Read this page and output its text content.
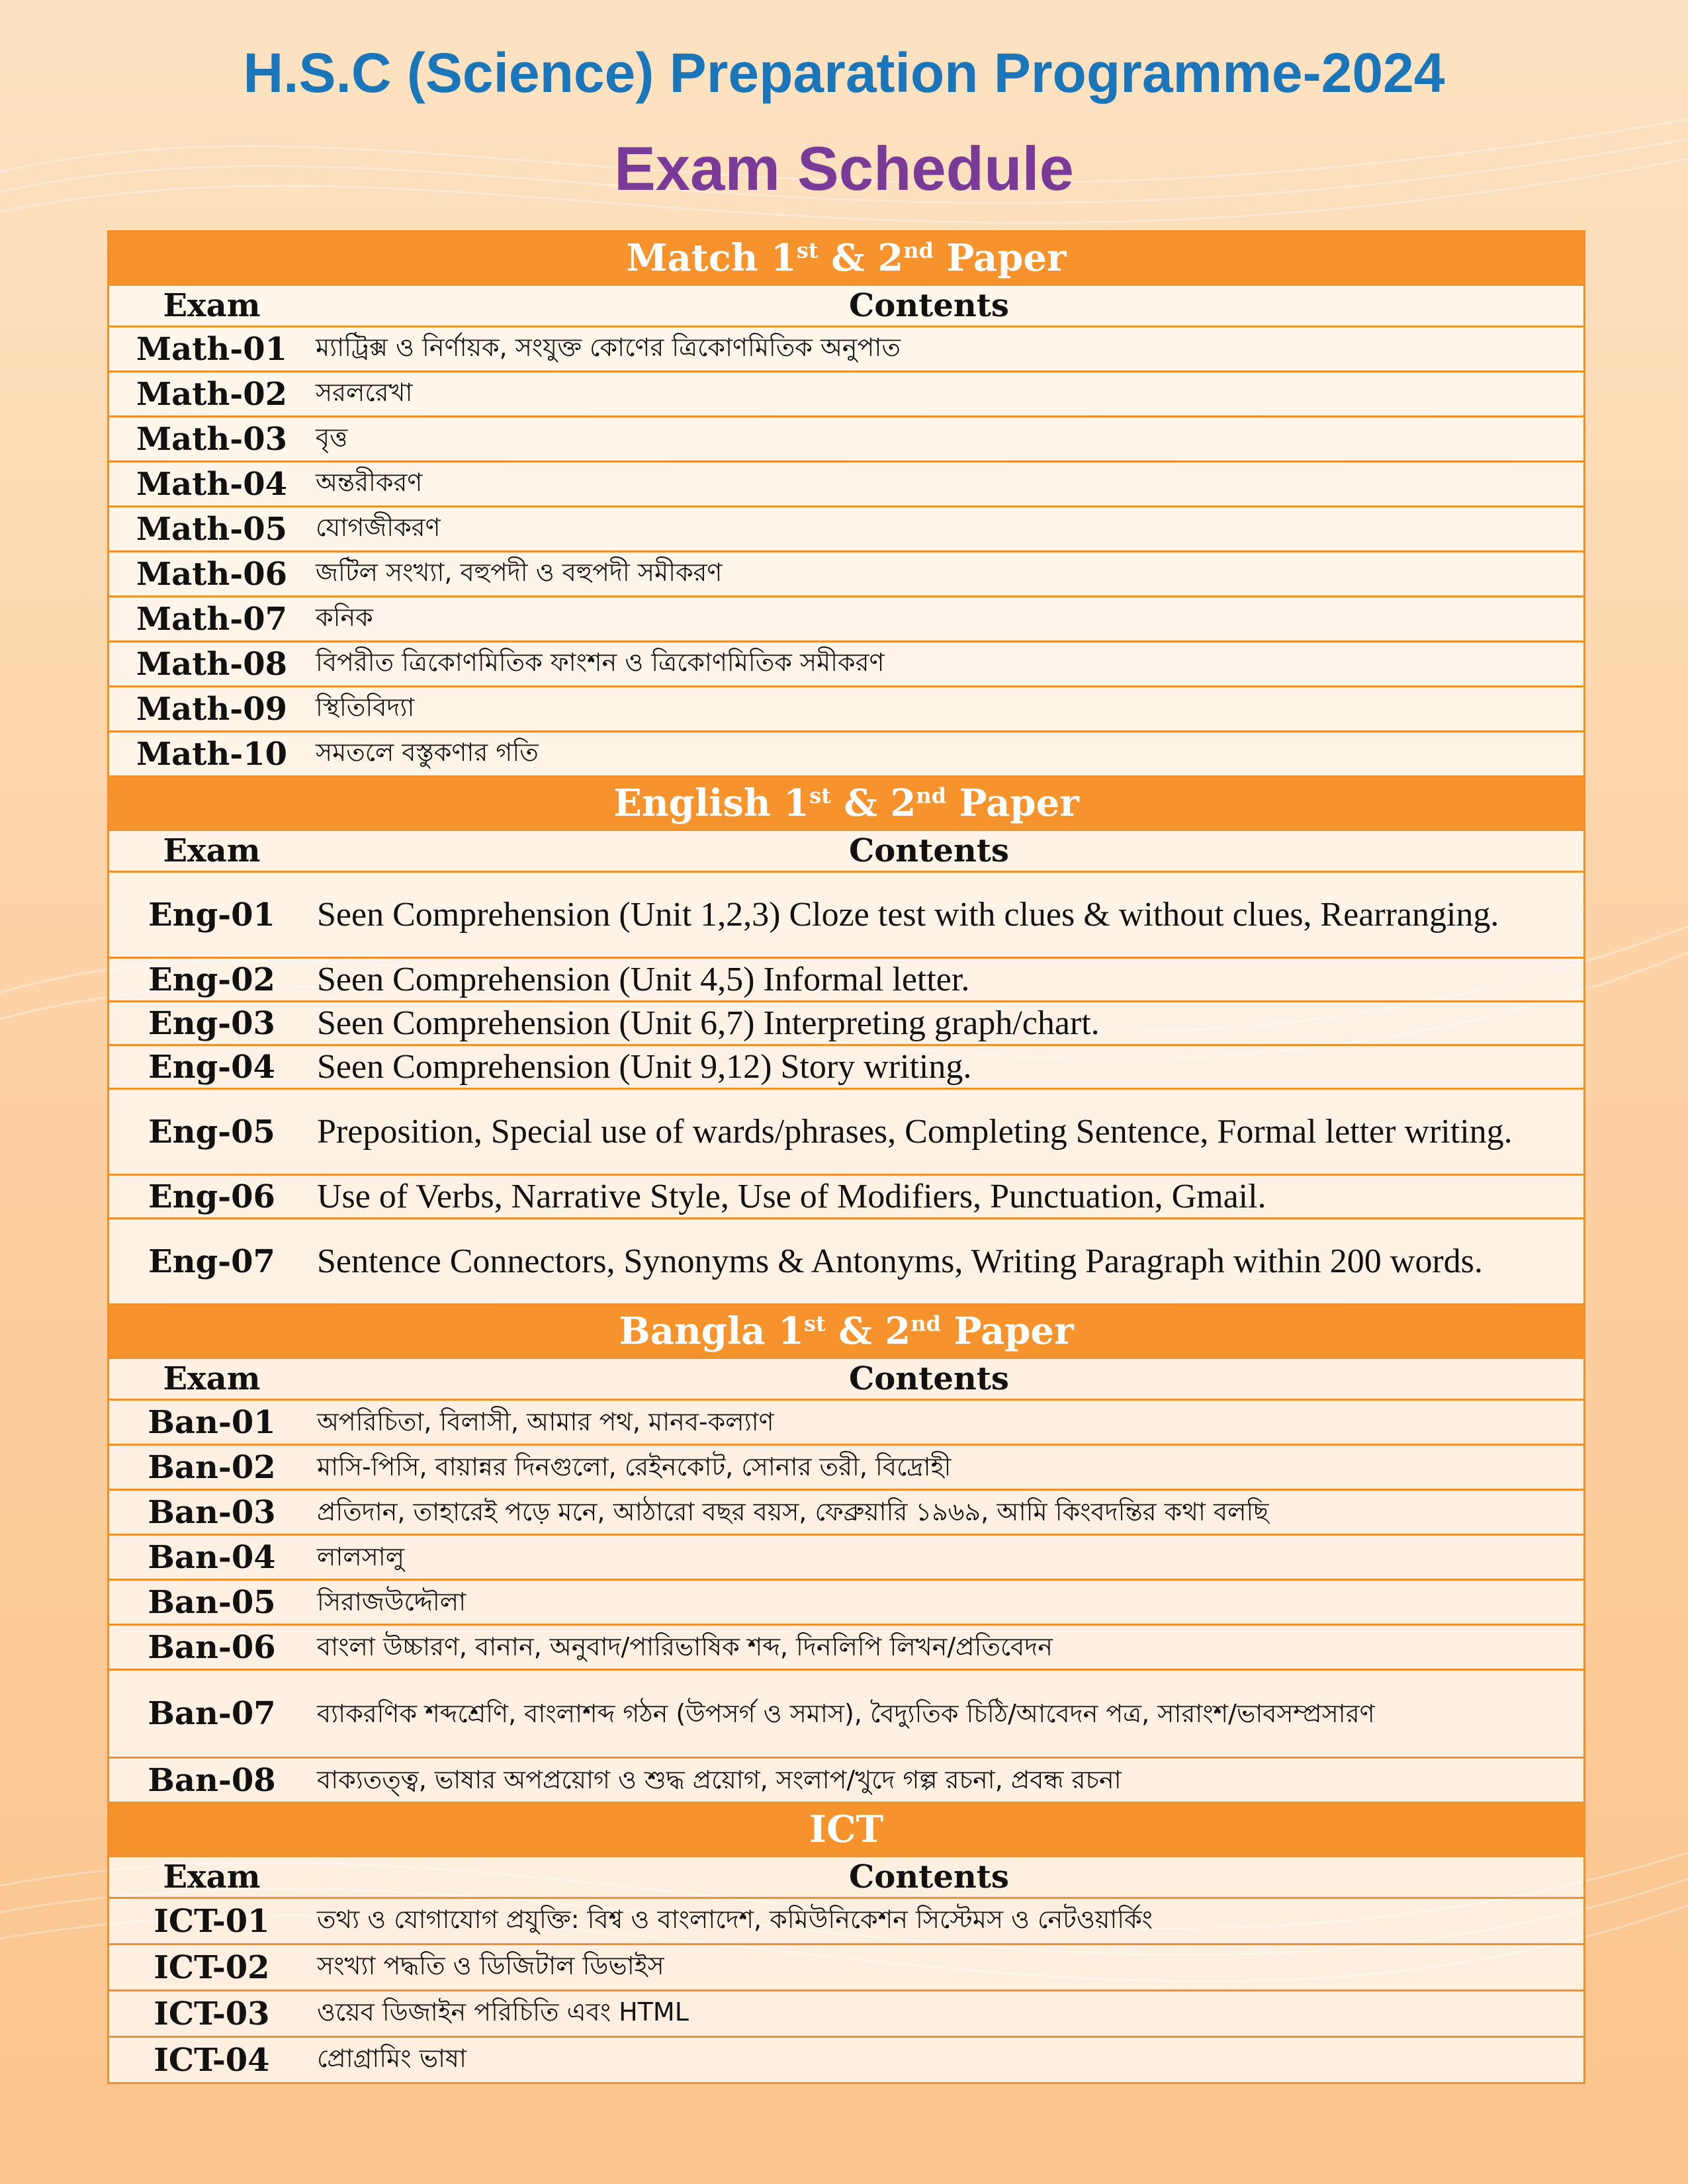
H.S.C (Science) Preparation Programme-2024
Exam Schedule
Match 1st & 2nd Paper
Exam	Contents
Math-01	ম্যাট্রিক্স ও নির্ণায়ক, সংযুক্ত কোণের ত্রিকোণমিতিক অনুপাত
Math-02	সরলরেখা
Math-03	বৃত্ত
Math-04	অন্তরীকরণ
Math-05	যোগজীকরণ
Math-06	জটিল সংখ্যা, বহুপদী ও বহুপদী সমীকরণ
Math-07	কনিক
Math-08	বিপরীত ত্রিকোণমিতিক ফাংশন ও ত্রিকোণমিতিক সমীকরণ
Math-09	স্থিতিবিদ্যা
Math-10	সমতলে বস্তুকণার গতি
English 1st & 2nd Paper
Exam	Contents
Eng-01	Seen Comprehension (Unit 1,2,3) Cloze test with clues & without clues, Rearranging.
Eng-02	Seen Comprehension (Unit 4,5) Informal letter.
Eng-03	Seen Comprehension (Unit 6,7) Interpreting graph/chart.
Eng-04	Seen Comprehension (Unit 9,12) Story writing.
Eng-05	Preposition, Special use of wards/phrases, Completing Sentence, Formal letter writing.
Eng-06	Use of Verbs, Narrative Style, Use of Modifiers, Punctuation, Gmail.
Eng-07	Sentence Connectors, Synonyms & Antonyms, Writing Paragraph within 200 words.
Bangla 1st & 2nd Paper
Exam	Contents
Ban-01	অপরিচিতা, বিলাসী, আমার পথ, মানব-কল্যাণ
Ban-02	মাসি-পিসি, বায়ান্নর দিনগুলো, রেইনকোট, সোনার তরী, বিদ্রোহী
Ban-03	প্রতিদান, তাহারেই পড়ে মনে, আঠারো বছর বয়স, ফেব্রুয়ারি ১৯৬৯, আমি কিংবদন্তির কথা বলছি
Ban-04	লালসালু
Ban-05	সিরাজউদ্দৌলা
Ban-06	বাংলা উচ্চারণ, বানান, অনুবাদ/পারিভাষিক শব্দ, দিনলিপি লিখন/প্রতিবেদন
Ban-07	ব্যাকরণিক শব্দশ্রেণি, বাংলাশব্দ গঠন (উপসর্গ ও সমাস), বৈদ্যুতিক চিঠি/আবেদন পত্র, সারাংশ/ভাবসম্প্রসারণ
Ban-08	বাক্যতত্ত্ব, ভাষার অপপ্রয়োগ ও শুদ্ধ প্রয়োগ, সংলাপ/খুদে গল্প রচনা, প্রবন্ধ রচনা
ICT
Exam	Contents
ICT-01	তথ্য ও যোগাযোগ প্রযুক্তি: বিশ্ব ও বাংলাদেশ, কমিউনিকেশন সিস্টেমস ও নেটওয়ার্কিং
ICT-02	সংখ্যা পদ্ধতি ও ডিজিটাল ডিভাইস
ICT-03	ওয়েব ডিজাইন পরিচিতি এবং HTML
ICT-04	প্রোগ্রামিং ভাষা
